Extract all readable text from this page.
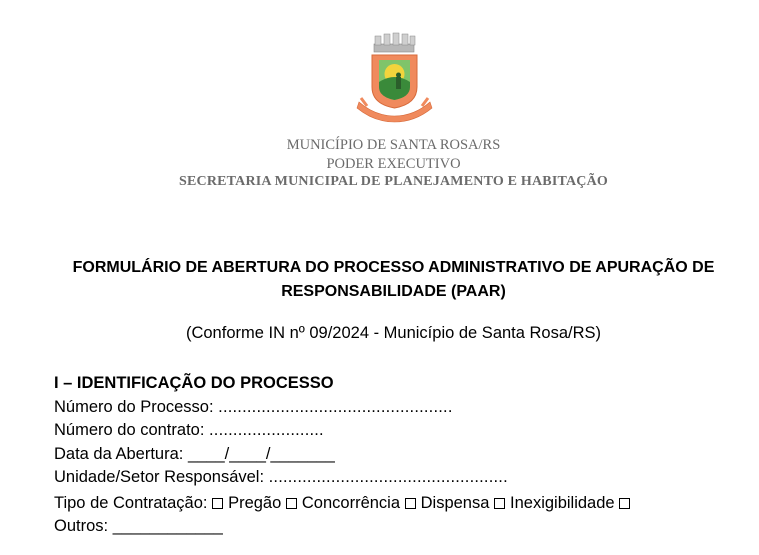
MUNICÍPIO DE SANTA ROSA/RS
PODER EXECUTIVO
SECRETARIA MUNICIPAL DE PLANEJAMENTO E HABITAÇÃO
FORMULÁRIO DE ABERTURA DO PROCESSO ADMINISTRATIVO DE APURAÇÃO DE RESPONSABILIDADE (PAAR)
(Conforme IN nº 09/2024 - Município de Santa Rosa/RS)
I – IDENTIFICAÇÃO DO PROCESSO
Número do Processo: .................................................
Número do contrato: ........................
Data da Abertura: ____/____/_______
Unidade/Setor Responsável: ..................................................
Tipo de Contratação: Pregão Concorrência Dispensa Inexigibilidade
Outros: ____________
